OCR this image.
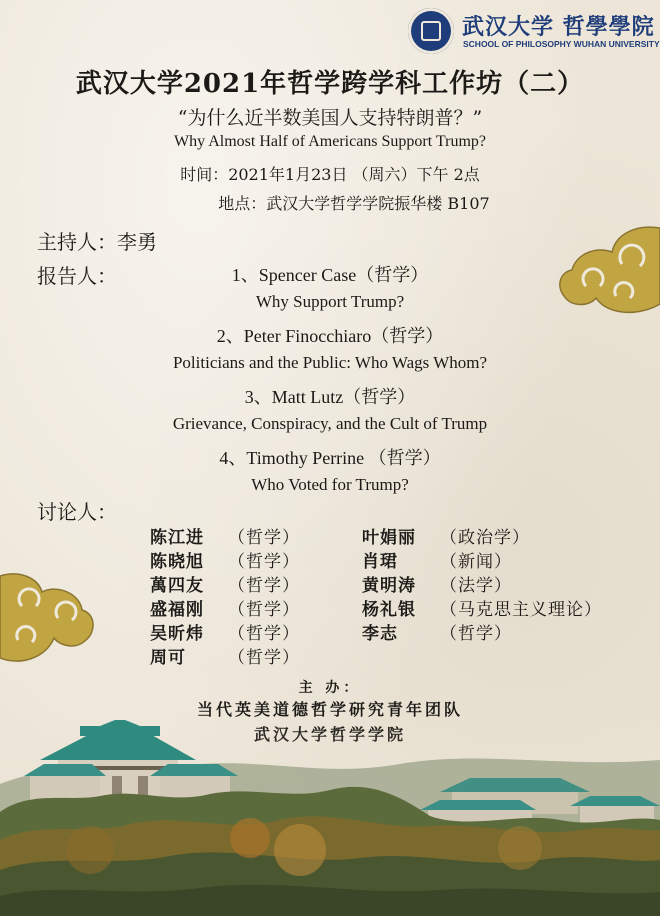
武汉大学 哲學學院
SCHOOL OF PHILOSOPHY WUHAN UNIVERSITY
武汉大学2021年哲学跨学科工作坊（二）
“为什么近半数美国人支持特朗普？”
Why Almost Half of Americans Support Trump?
时间：2021年1月23日 （周六）下午 2点
地点：武汉大学哲学学院振华楼 B107
主持人：李勇
报告人：	1、Spencer Case（哲学）
Why Support Trump?
2、Peter Finocchiaro（哲学）
Politicians and the Public: Who Wags Whom?
3、Matt Lutz（哲学）
Grievance, Conspiracy, and the Cult of Trump
4、Timothy Perrine （哲学）
Who Voted for Trump?
讨论人：
陈江进 （哲学）
陈晓旭 （哲学）
萬四友 （哲学）
盛福刚 （哲学）
吴昕炜 （哲学）
周可 （哲学）
叶娟丽 （政治学）
肖珺 （新闻）
黄明涛 （法学）
杨礼银 （马克思主义理论）
李志 （哲学）
主 办：
当代英美道德哲学研究青年团队
